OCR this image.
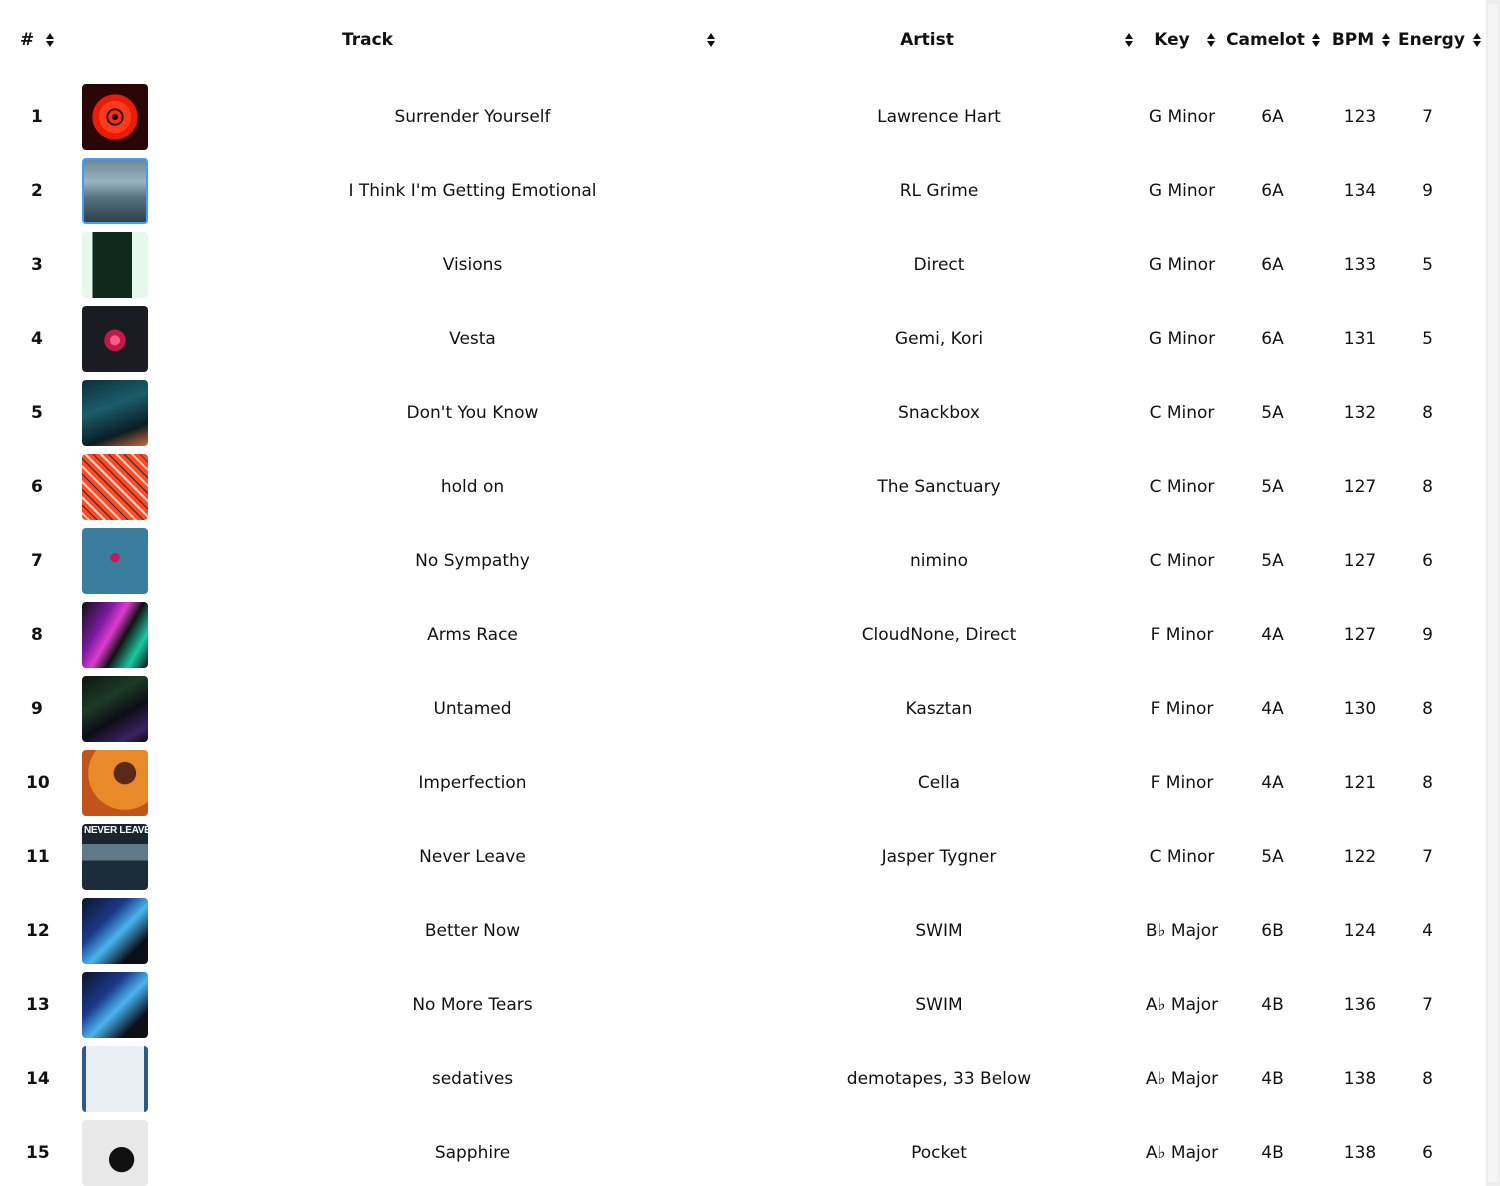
#		Track	Artist	Key	Camelot	BPM	Energy

1		Surrender Yourself	Lawrence Hart	G Minor	6A	123	7
2		I Think I'm Getting Emotional	RL Grime	G Minor	6A	134	9
3		Visions	Direct	G Minor	6A	133	5
4		Vesta	Gemi, Kori	G Minor	6A	131	5
5		Don't You Know	Snackbox	C Minor	5A	132	8
6		hold on	The Sanctuary	C Minor	5A	127	8
7		No Sympathy	nimino	C Minor	5A	127	6
8		Arms Race	CloudNone, Direct	F Minor	4A	127	9
9		Untamed	Kasztan	F Minor	4A	130	8
10		Imperfection	Cella	F Minor	4A	121	8
11	NEVER LEAVE	Never Leave	Jasper Tygner	C Minor	5A	122	7
12		Better Now	SWIM	B♭ Major	6B	124	4
13		No More Tears	SWIM	A♭ Major	4B	136	7
14		sedatives	demotapes, 33 Below	A♭ Major	4B	138	8
15		Sapphire	Pocket	A♭ Major	4B	138	6
